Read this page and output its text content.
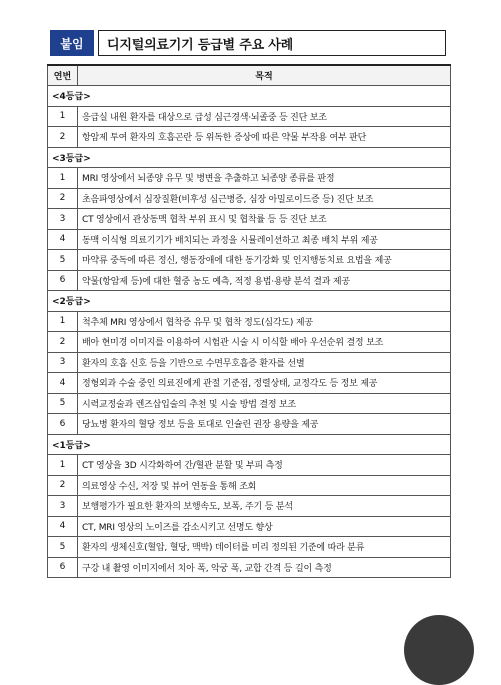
붙임	디지털의료기기 등급별 주요 사례
연번	목적
<4등급>	
1	응급실 내원 환자를 대상으로 급성 심근경색·뇌졸중 등 진단 보조
2	항암제 투여 환자의 호흡곤란 등 위독한 증상에 따른 약물 부작용 여부 판단
<3등급>	
1	MRI 영상에서 뇌종양 유무 및 병변을 추출하고 뇌종양 종류를 판정
2	초음파영상에서 심장질환(비후성 심근병증, 심장 아밀로이드증 등) 진단 보조
3	CT 영상에서 관상동맥 협착 부위 표시 및 협착률 등 등 진단 보조
4	동맥 이식형 의료기기가 배치되는 과정을 시뮬레이션하고 최종 배치 부위 제공
5	마약류 중독에 따른 정신, 행동장애에 대한 동기강화 및 인지행동치료 요법을 제공
6	약물(항암제 등)에 대한 혈중 농도 예측, 적정 용법·용량 분석 결과 제공
<2등급>	
1	척추체 MRI 영상에서 협착증 유무 및 협착 정도(심각도) 제공
2	배아 현미경 이미지를 이용하여 시험관 시술 시 이식할 배아 우선순위 결정 보조
3	환자의 호흡 신호 등을 기반으로 수면무호흡증 환자를 선별
4	정형외과 수술 중인 의료진에게 관절 기준점, 정렬상태, 교정각도 등 정보 제공
5	시력교정술과 렌즈삽입술의 추천 및 시술 방법 결정 보조
6	당뇨병 환자의 혈당 정보 등을 토대로 인슐린 권장 용량을 제공
<1등급>	
1	CT 영상을 3D 시각화하여 간/혈관 분할 및 부피 측정
2	의료영상 수신, 저장 및 뷰어 연동을 통해 조회
3	보행평가가 필요한 환자의 보행속도, 보폭, 주기 등 분석
4	CT, MRI 영상의 노이즈를 감소시키고 선명도 향상
5	환자의 생체신호(혈압, 혈당, 맥박) 데이터를 미리 정의된 기준에 따라 분류
6	구강 내 촬영 이미지에서 치아 폭, 악궁 폭, 교합 간격 등 길이 측정
